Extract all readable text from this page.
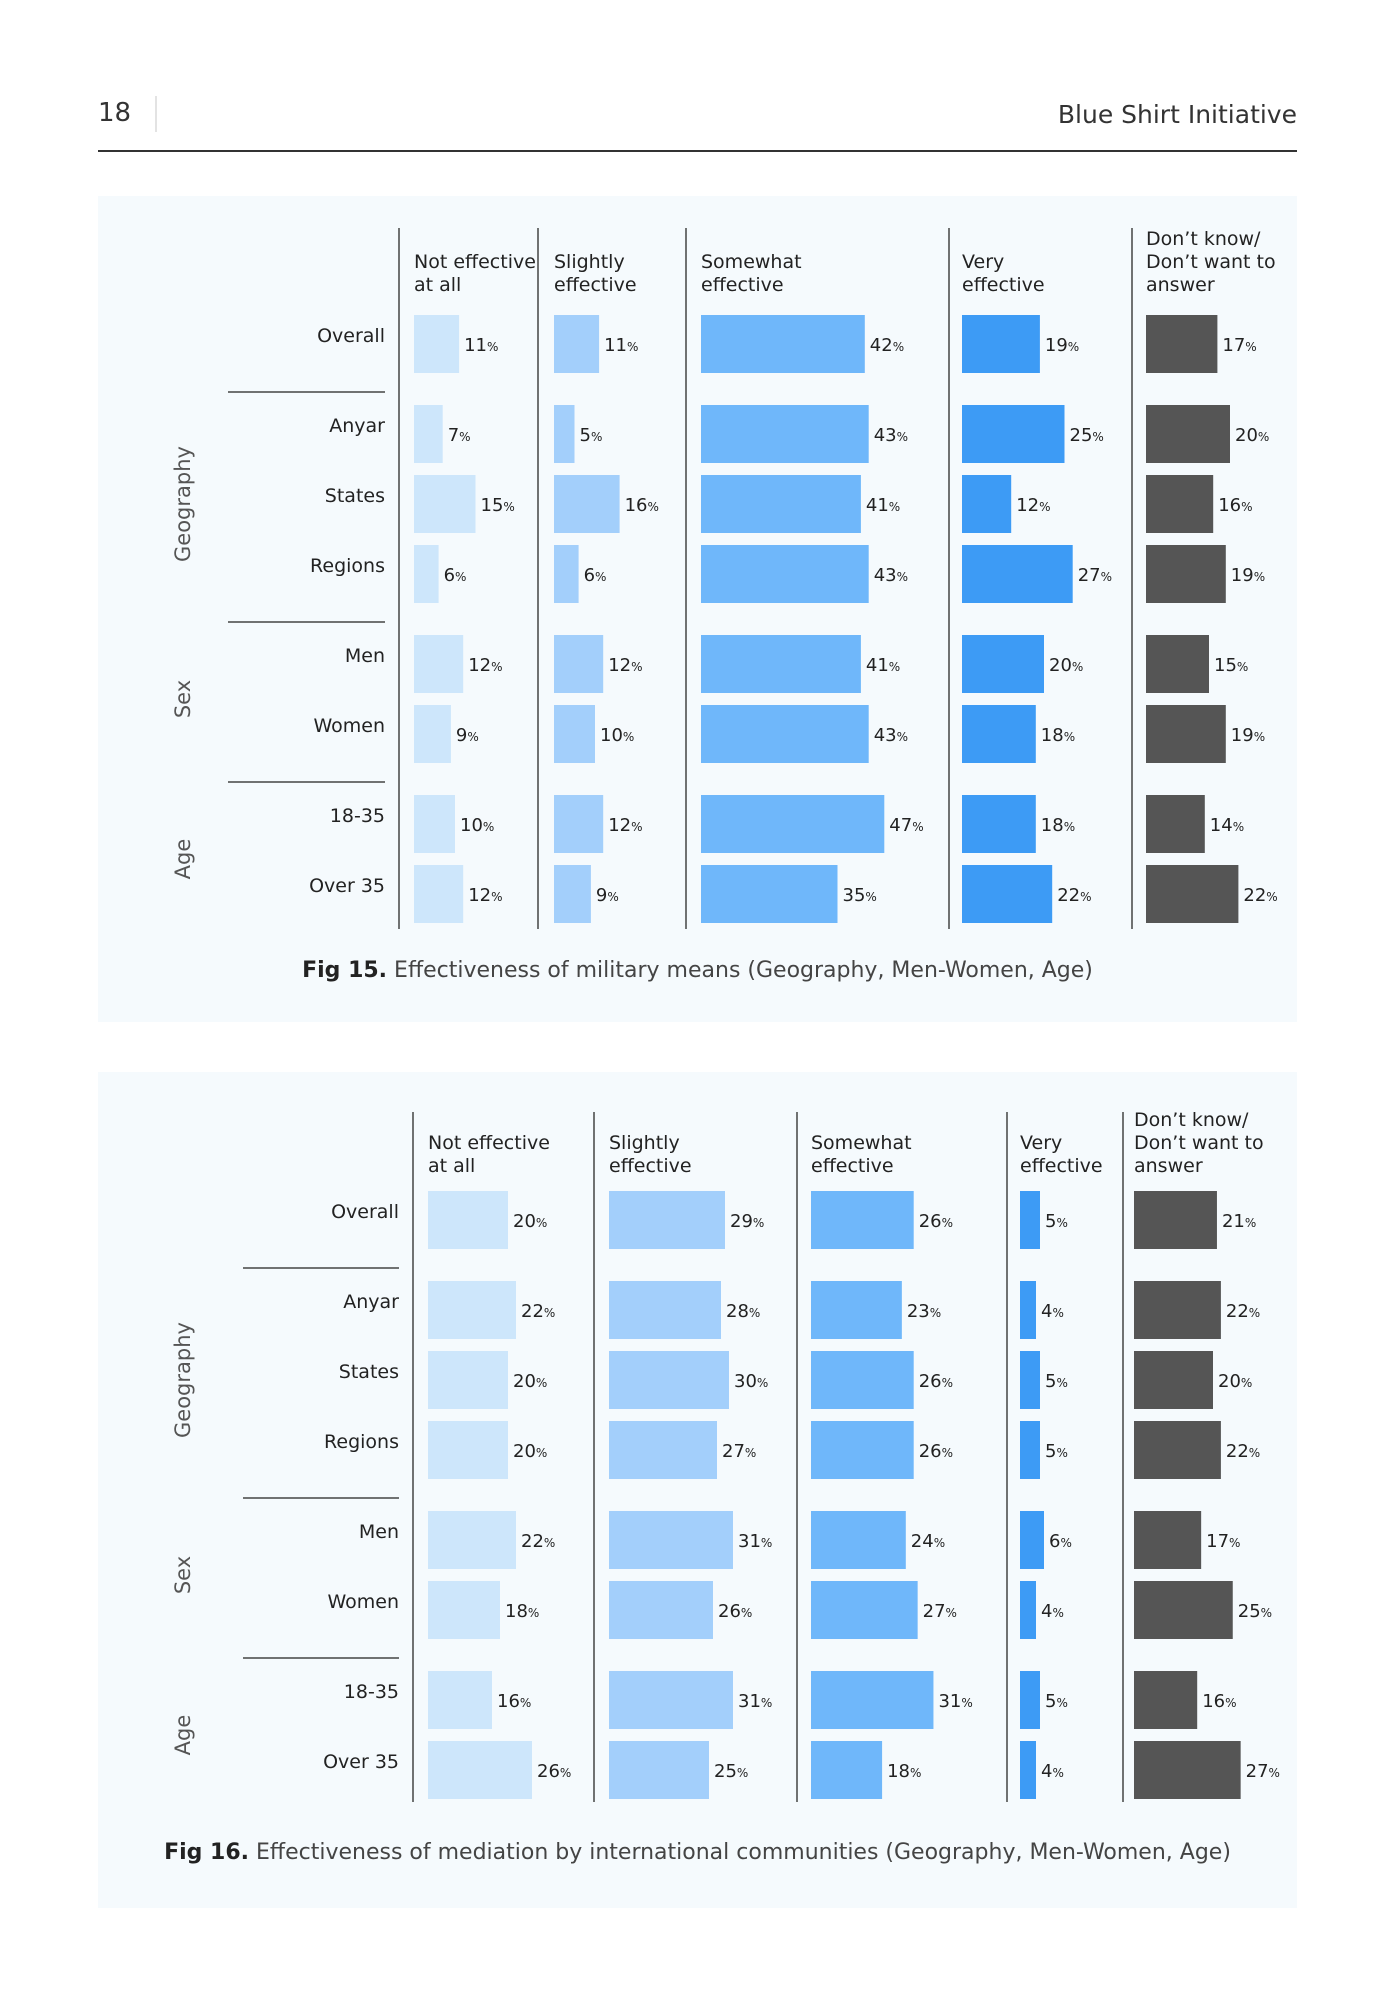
18	Blue Shirt Initiative
Not effective
at all
Slightly
effective
Somewhat
effective
Very
effective
Don’t know/
Don’t want to
answer
Geography
Sex
Age
Overall
Anyar
States
Regions
Men
Women
18-35
Over 35
11%
7%
15%
6%
12%
9%
10%
12%
11%
5%
16%
6%
12%
10%
12%
9%
42%
43%
41%
43%
41%
43%
47%
35%
19%
25%
12%
27%
20%
18%
18%
22%
17%
20%
16%
19%
15%
19%
14%
22%
Fig 15. Effectiveness of military means (Geography, Men-Women, Age)
Not effective
at all
Slightly
effective
Somewhat
effective
Very
effective
Don’t know/
Don’t want to
answer
Geography
Sex
Age
Overall
Anyar
States
Regions
Men
Women
18-35
Over 35
20%
22%
20%
20%
22%
18%
16%
26%
29%
28%
30%
27%
31%
26%
31%
25%
26%
23%
26%
26%
24%
27%
31%
18%
5%
4%
5%
5%
6%
4%
5%
4%
21%
22%
20%
22%
17%
25%
16%
27%
Fig 16. Effectiveness of mediation by international communities (Geography, Men-Women, Age)
